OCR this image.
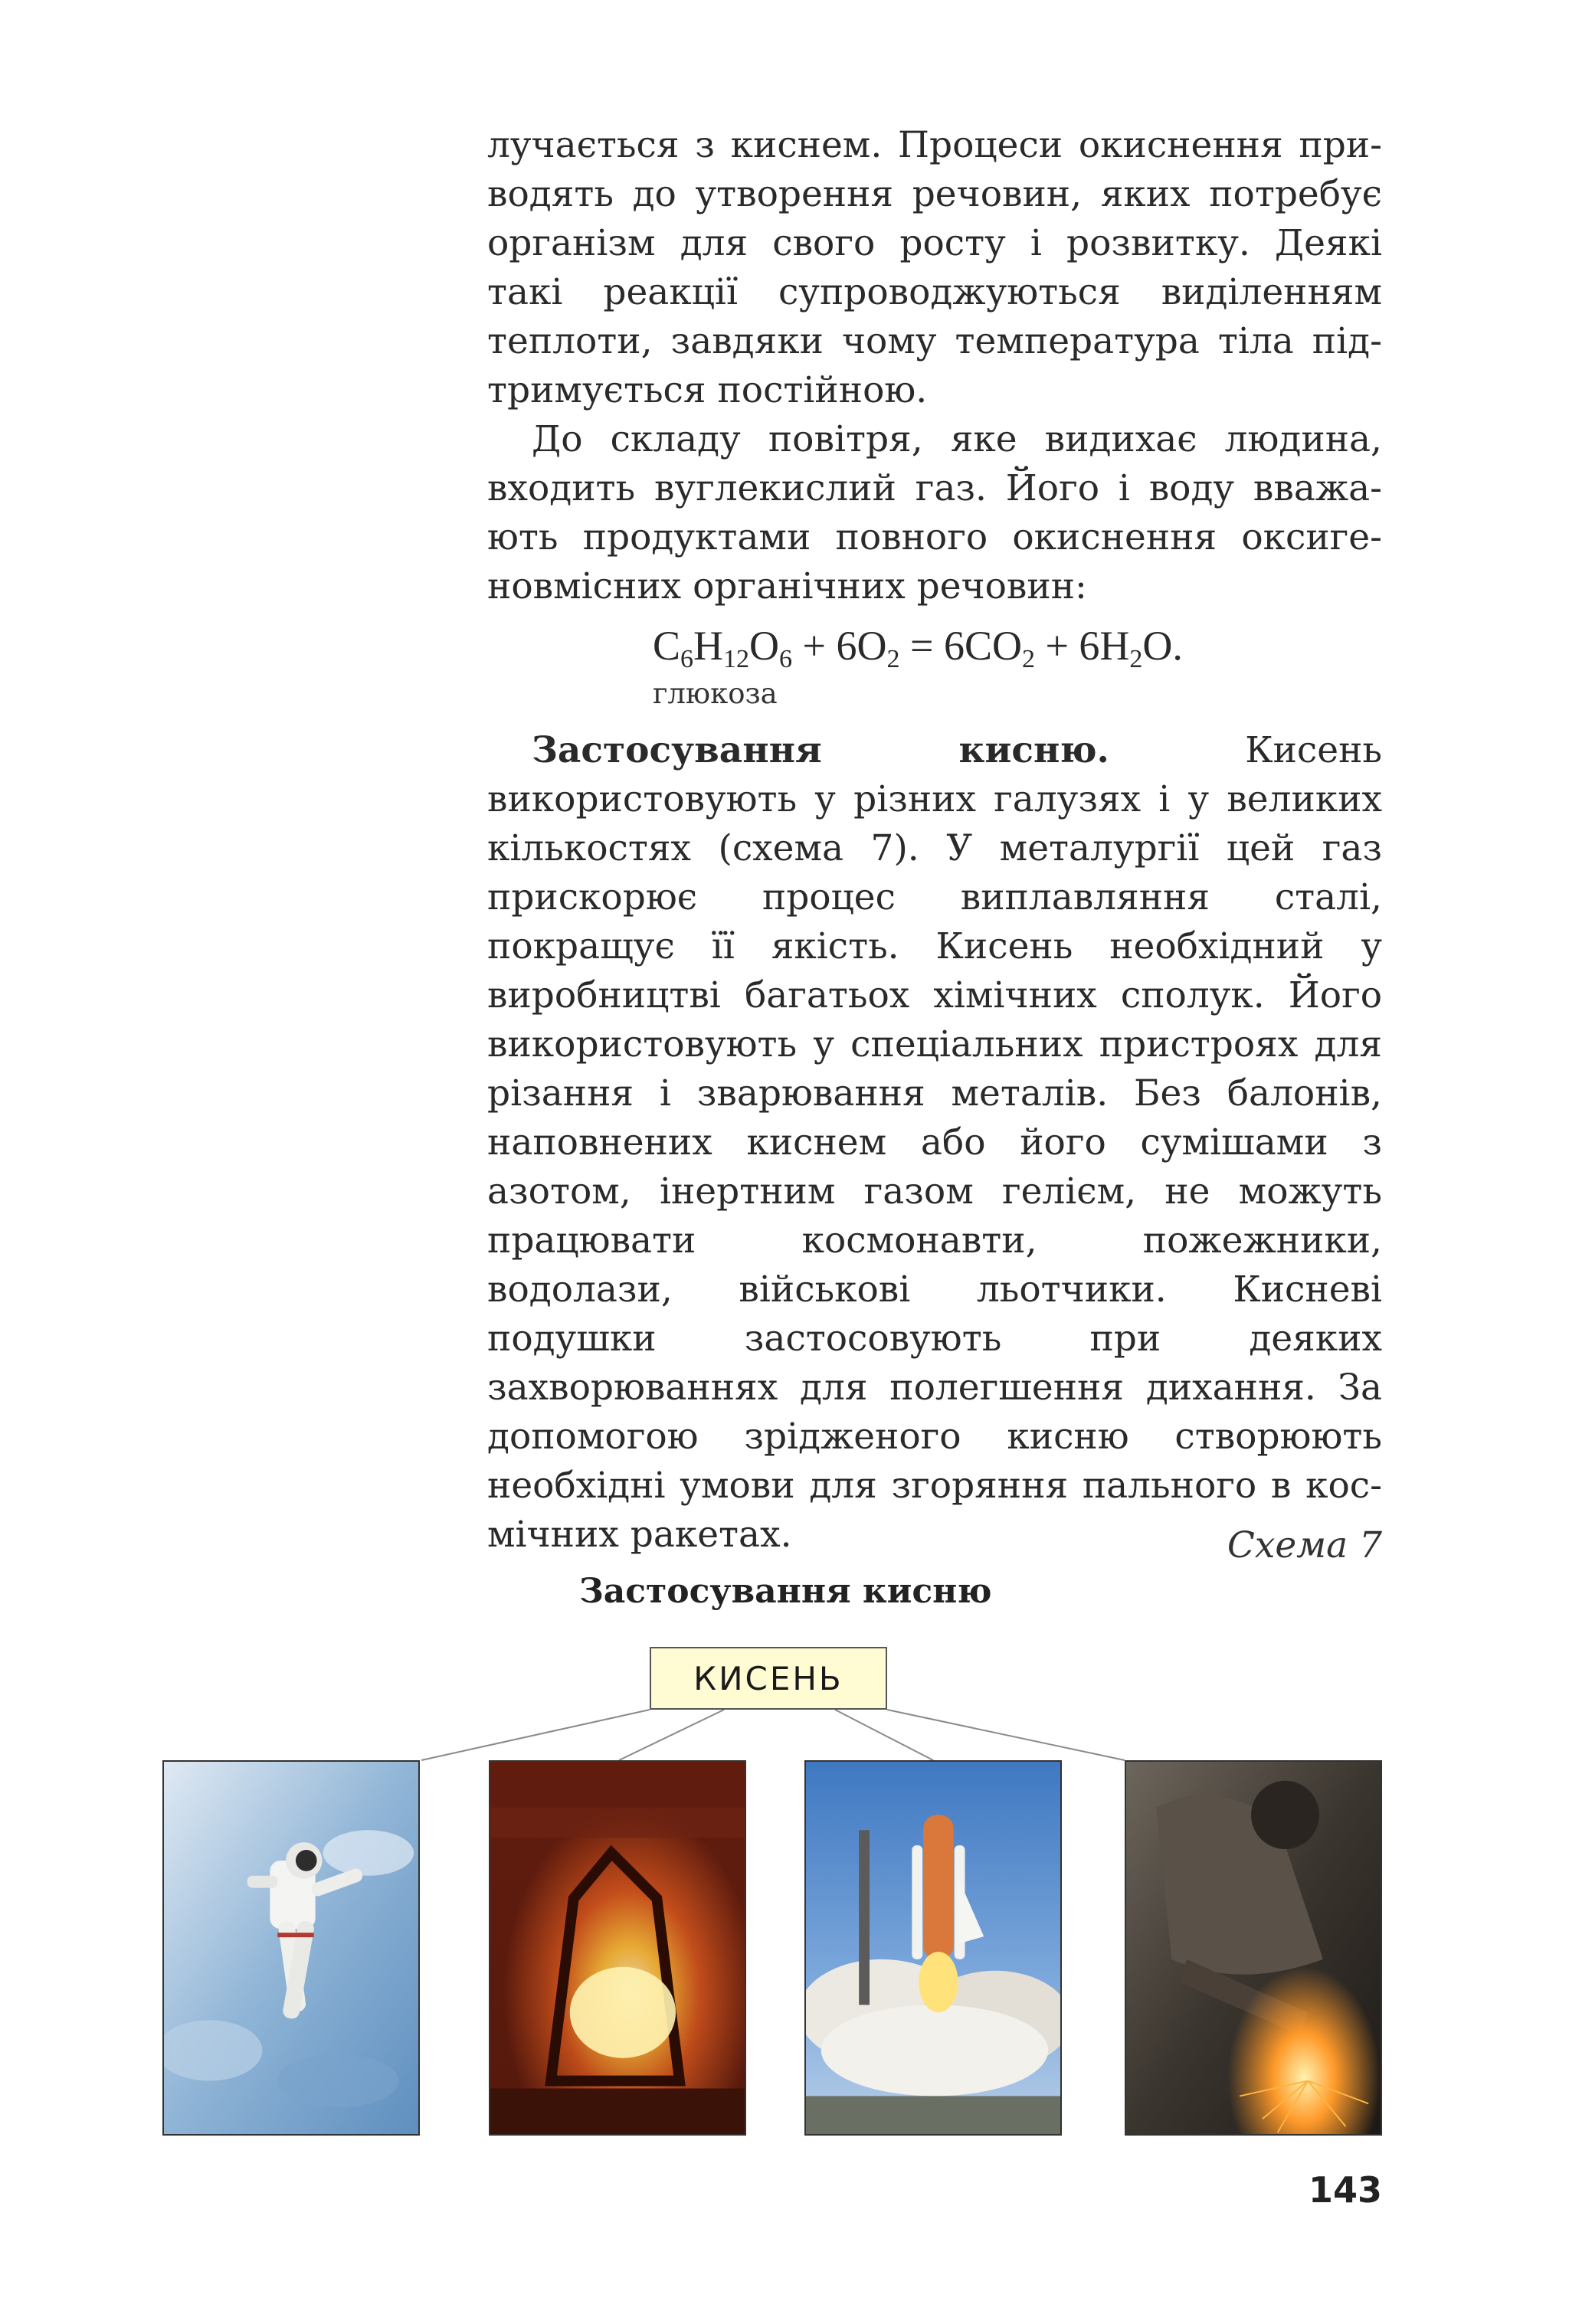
лучається з киснем. Процеси окиснення приводять до утворення речовин, яких потребує організм для свого росту і розвитку. Деякі такі реакції супроводжуються виділенням теплоти, завдяки чому температура тіла підтримується постійною.

До складу повітря, яке видихає людина, входить вуглекислий газ. Його і воду вважають продуктами повного окиснення оксигеновмісних органічних речовин:

$C_6H_{12}O_6 + 6O_2 = 6CO_2 + 6H_2O$.
глюкоза

Застосування кисню. Кисень використовують у різних галузях і у великих кількостях (схема 7). У металургії цей газ прискорює процес виплавляння сталі, покращує її якість. Кисень необхідний у виробництві багатьох хімічних сполук. Його використовують у спеціальних пристроях для різання і зварювання металів. Без балонів, наповнених киснем або його сумішами з азотом, інертним газом гелієм, не можуть працювати космонавти, пожежники, водолази, військові льотчики. Кисневі подушки застосовують при деяких захворюваннях для полегшення дихання. За допомогою зрідженого кисню створюють необхідні умови для згоряння пального в космічних ракетах.	Схема 7
Застосування кисню
КИСЕНЬ
143
